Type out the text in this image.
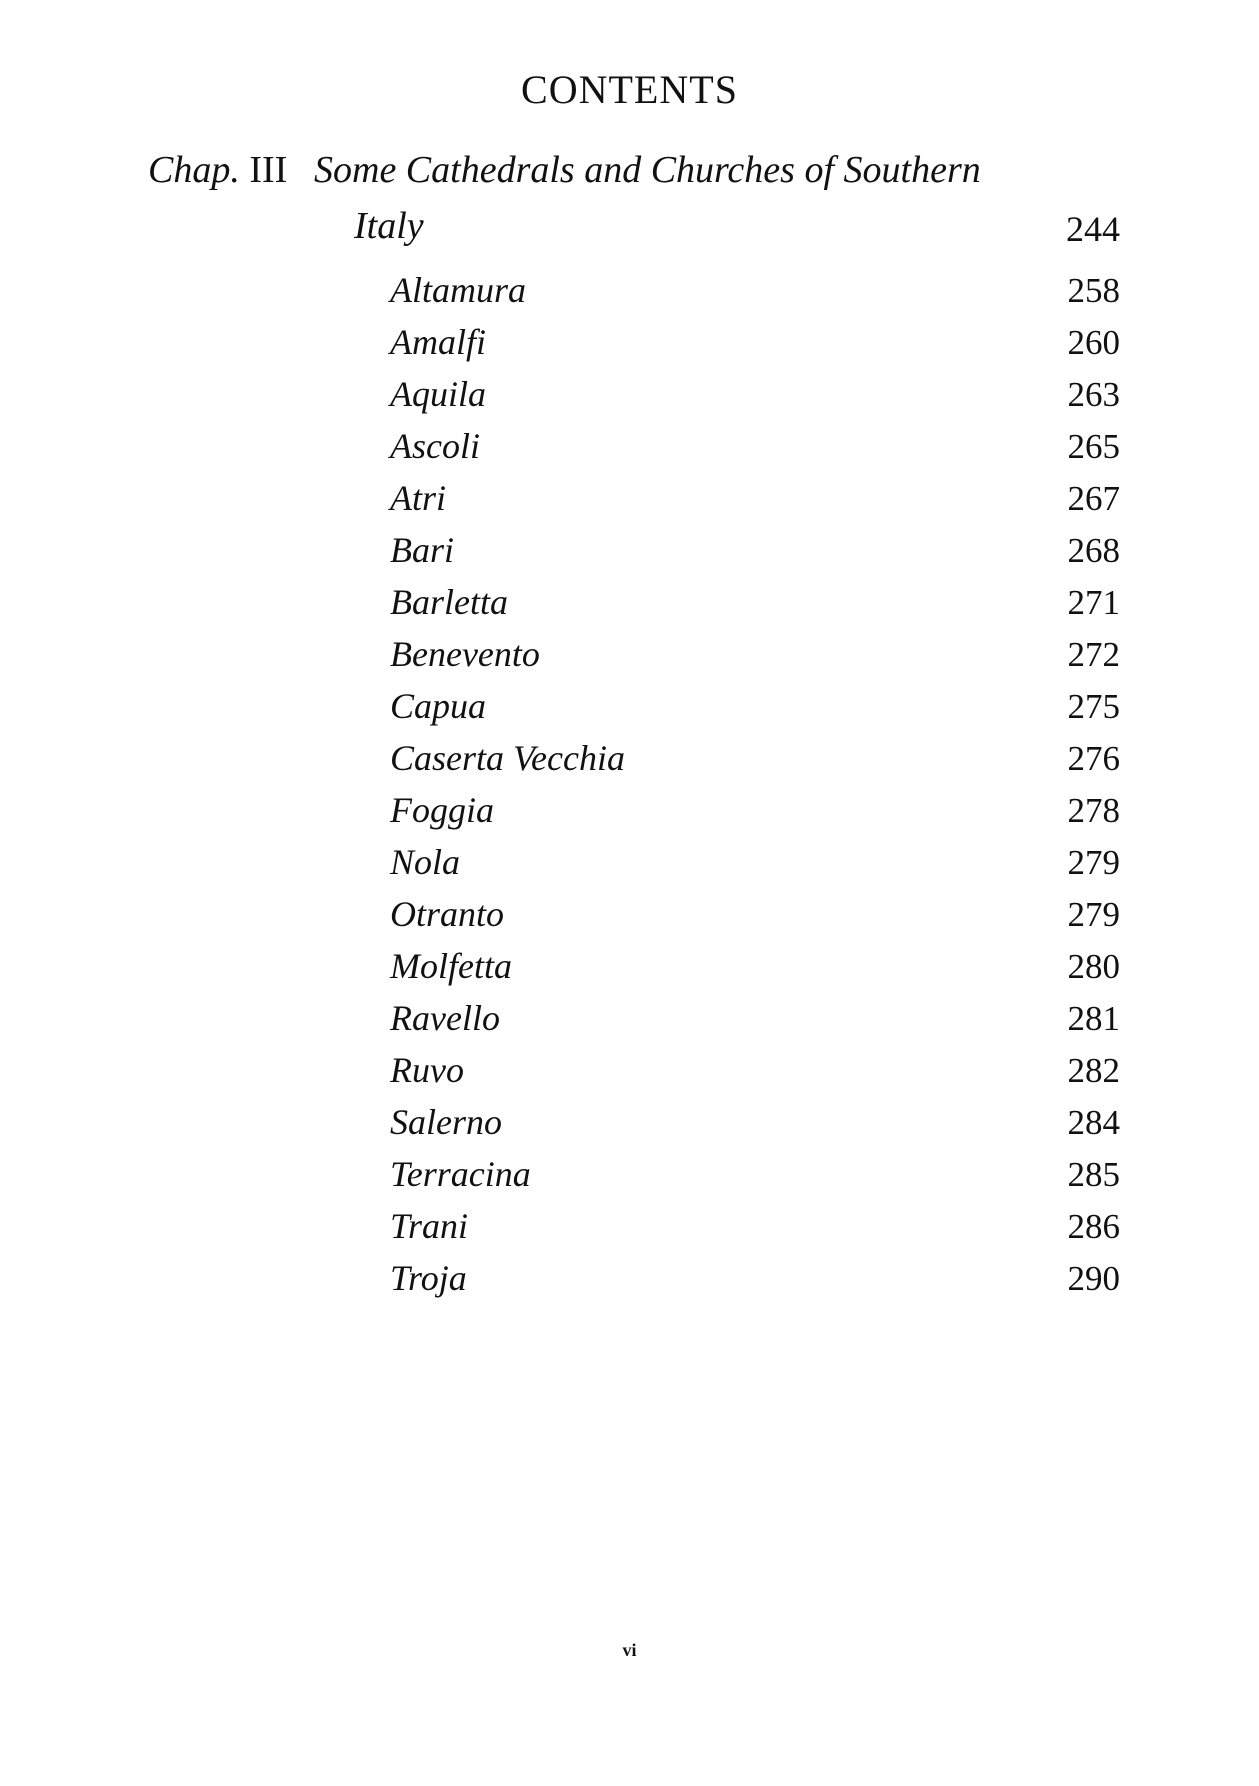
CONTENTS
Chap. III Some Cathedrals and Churches of Southern
Italy	244
Altamura	258
Amalfi	260
Aquila	263
Ascoli	265
Atri	267
Bari	268
Barletta	271
Benevento	272
Capua	275
Caserta Vecchia	276
Foggia	278
Nola	279
Otranto	279
Molfetta	280
Ravello	281
Ruvo	282
Salerno	284
Terracina	285
Trani	286
Troja	290
vi
